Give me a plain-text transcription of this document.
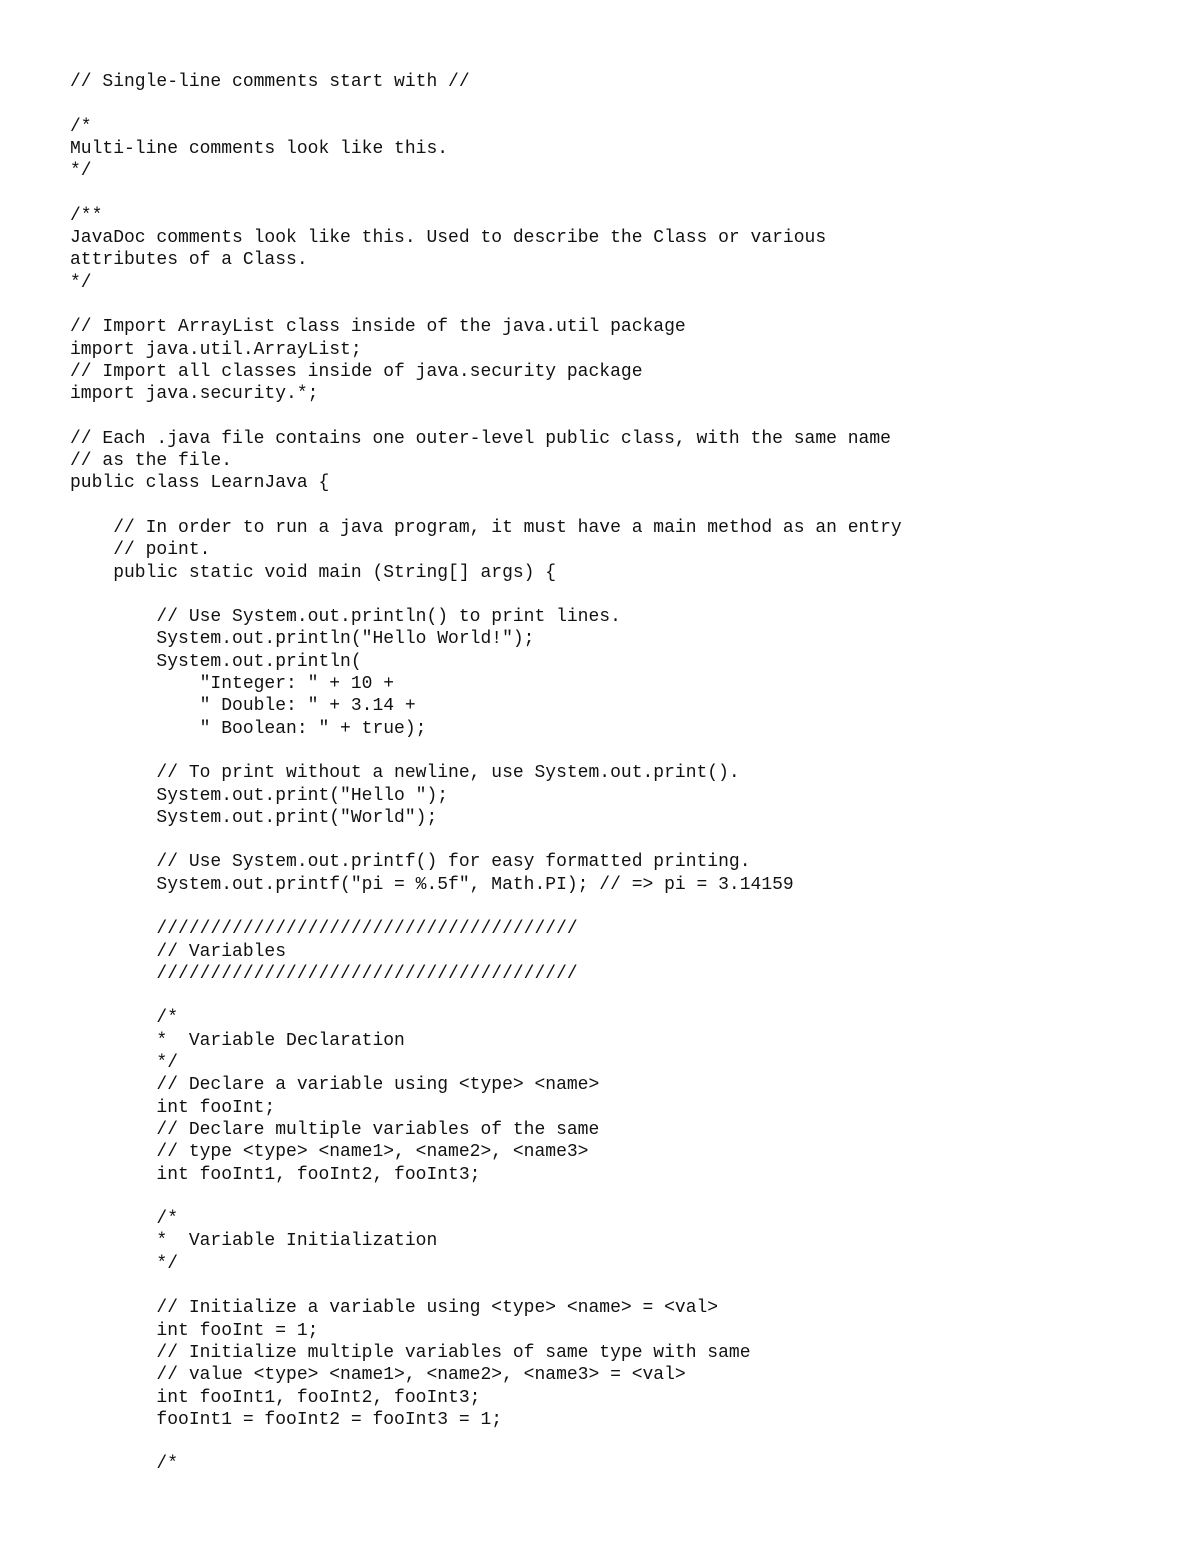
// Single-line comments start with //
/*
Multi-line comments look like this.
*/
/**
JavaDoc comments look like this. Used to describe the Class or various
attributes of a Class.
*/
// Import ArrayList class inside of the java.util package
import java.util.ArrayList;
// Import all classes inside of java.security package
import java.security.*;
// Each .java file contains one outer-level public class, with the same name
// as the file.
public class LearnJava {
// In order to run a java program, it must have a main method as an entry
// point.
public static void main (String[] args) {
// Use System.out.println() to print lines.
System.out.println("Hello World!");
System.out.println(
"Integer: " + 10 +
" Double: " + 3.14 +
" Boolean: " + true);
// To print without a newline, use System.out.print().
System.out.print("Hello ");
System.out.print("World");
// Use System.out.printf() for easy formatted printing.
System.out.printf("pi = %.5f", Math.PI); // => pi = 3.14159
///////////////////////////////////////
// Variables
///////////////////////////////////////
/*
*  Variable Declaration
*/
// Declare a variable using <type> <name>
int fooInt;
// Declare multiple variables of the same
// type <type> <name1>, <name2>, <name3>
int fooInt1, fooInt2, fooInt3;
/*
*  Variable Initialization
*/
// Initialize a variable using <type> <name> = <val>
int fooInt = 1;
// Initialize multiple variables of same type with same
// value <type> <name1>, <name2>, <name3> = <val>
int fooInt1, fooInt2, fooInt3;
fooInt1 = fooInt2 = fooInt3 = 1;
/*
